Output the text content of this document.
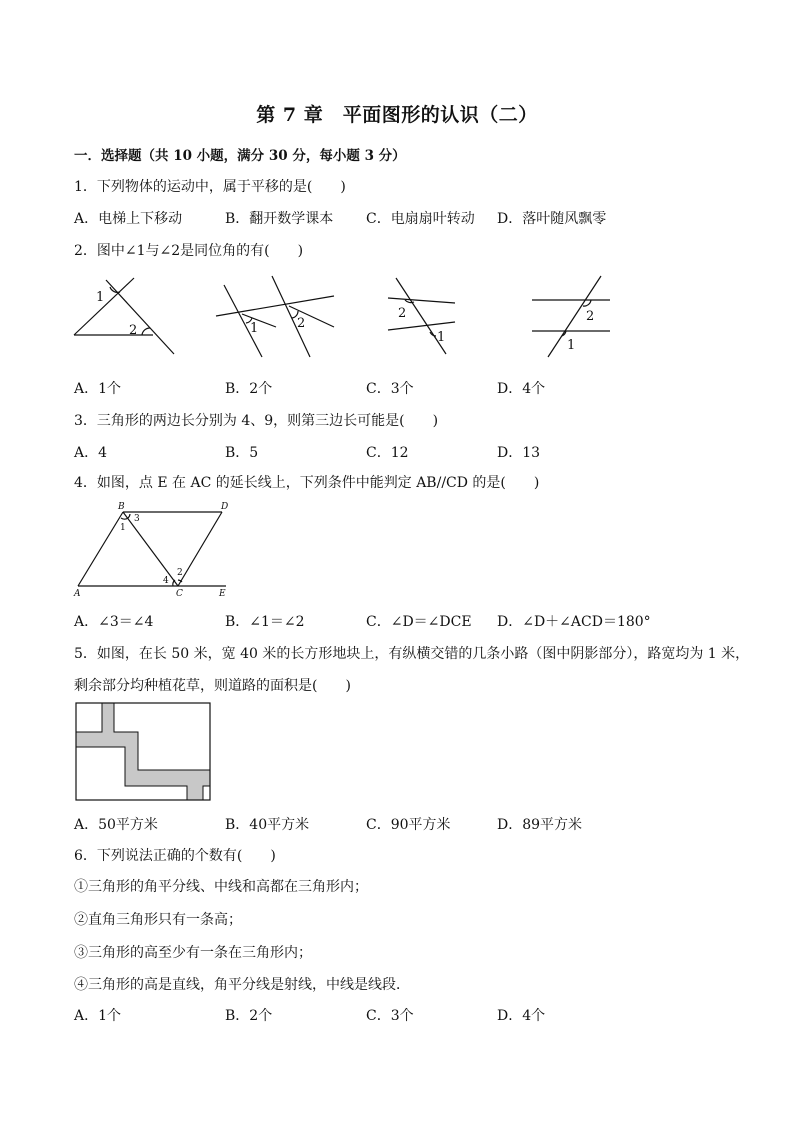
第 7 章　平面图形的认识（二）
一．选择题（共 10 小题，满分 30 分，每小题 3 分）
1．下列物体的运动中，属于平移的是(　　)
A．电梯上下移动	B．翻开数学课本 C．电扇扇叶转动 D．落叶随风飘零
2．图中∠1与∠2是同位角的有(　　)
1
2	1	2
2
1
2
1
A．1个	B．2个	C．3个	D．4个
3．三角形的两边长分别为 4、9，则第三边长可能是(　　)
A．4	B．5	C．12	D．13
4．如图，点 E 在 AC 的延长线上，下列条件中能判定 AB//CD 的是(　　)
B	D
A	C	E
1
3
2
4
A．∠3＝∠4	B．∠1＝∠2	C．∠D＝∠DCE D．∠D＋∠ACD＝180°
5．如图，在长 50 米，宽 40 米的长方形地块上，有纵横交错的几条小路（图中阴影部分），路宽均为 1 米，
剩余部分均种植花草，则道路的面积是(　　)
A．50平方米	B．40平方米	C．90平方米	D．89平方米
6．下列说法正确的个数有(　　)
①三角形的角平分线、中线和高都在三角形内；
②直角三角形只有一条高；
③三角形的高至少有一条在三角形内；
④三角形的高是直线，角平分线是射线，中线是线段．
A．1个	B．2个	C．3个	D．4个
